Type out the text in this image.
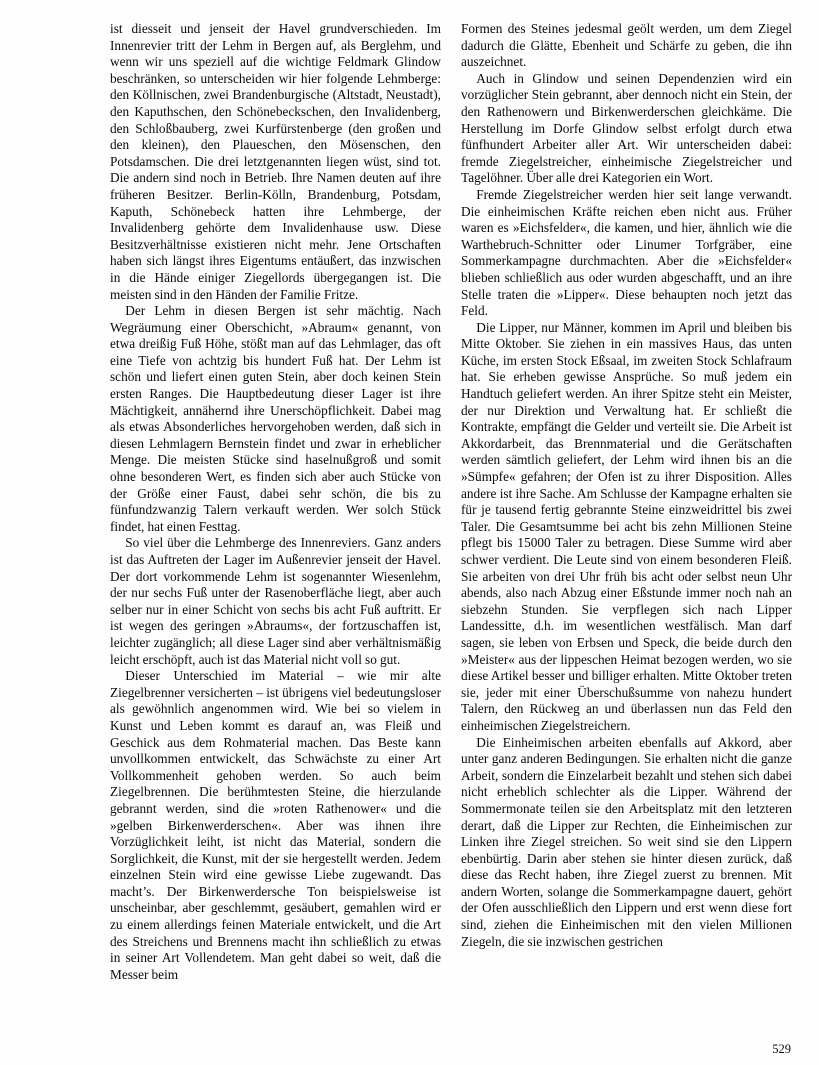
ist diesseit und jenseit der Havel grundverschieden. Im Innenrevier tritt der Lehm in Bergen auf, als Berglehm, und wenn wir uns speziell auf die wichtige Feldmark Glindow beschränken, so unterscheiden wir hier folgende Lehmberge: den Köllnischen, zwei Brandenburgische (Altstadt, Neustadt), den Kaputhschen, den Schönebeckschen, den Invalidenberg, den Schloßbauberg, zwei Kurfürstenberge (den großen und den kleinen), den Plaueschen, den Mösenschen, den Potsdamschen. Die drei letztgenannten liegen wüst, sind tot. Die andern sind noch in Betrieb. Ihre Namen deuten auf ihre früheren Besitzer. Berlin-Kölln, Brandenburg, Potsdam, Kaputh, Schönebeck hatten ihre Lehmberge, der Invalidenberg gehörte dem Invalidenhause usw. Diese Besitzverhältnisse existieren nicht mehr. Jene Ortschaften haben sich längst ihres Eigentums entäußert, das inzwischen in die Hände einiger Ziegellords übergegangen ist. Die meisten sind in den Händen der Familie Fritze.

Der Lehm in diesen Bergen ist sehr mächtig. Nach Wegräumung einer Oberschicht, »Abraum« genannt, von etwa dreißig Fuß Höhe, stößt man auf das Lehmlager, das oft eine Tiefe von achtzig bis hundert Fuß hat. Der Lehm ist schön und liefert einen guten Stein, aber doch keinen Stein ersten Ranges. Die Hauptbedeutung dieser Lager ist ihre Mächtigkeit, annähernd ihre Unerschöpflichkeit. Dabei mag als etwas Absonderliches hervorgehoben werden, daß sich in diesen Lehmlagern Bernstein findet und zwar in erheblicher Menge. Die meisten Stücke sind haselnußgroß und somit ohne besonderen Wert, es finden sich aber auch Stücke von der Größe einer Faust, dabei sehr schön, die bis zu fünfundzwanzig Talern verkauft werden. Wer solch Stück findet, hat einen Festtag.

So viel über die Lehmberge des Innenreviers. Ganz anders ist das Auftreten der Lager im Außenrevier jenseit der Havel. Der dort vorkommende Lehm ist sogenannter Wiesenlehm, der nur sechs Fuß unter der Rasenoberfläche liegt, aber auch selber nur in einer Schicht von sechs bis acht Fuß auftritt. Er ist wegen des geringen »Abraums«, der fortzuschaffen ist, leichter zugänglich; all diese Lager sind aber verhältnismäßig leicht erschöpft, auch ist das Material nicht voll so gut.

Dieser Unterschied im Material – wie mir alte Ziegelbrenner versicherten – ist übrigens viel bedeutungsloser als gewöhnlich angenommen wird. Wie bei so vielem in Kunst und Leben kommt es darauf an, was Fleiß und Geschick aus dem Rohmaterial machen. Das Beste kann unvollkommen entwickelt, das Schwächste zu einer Art Vollkommenheit gehoben werden. So auch beim Ziegelbrennen. Die berühmtesten Steine, die hierzulande gebrannt werden, sind die »roten Rathenower« und die »gelben Birkenwerderschen«. Aber was ihnen ihre Vorzüglichkeit leiht, ist nicht das Material, sondern die Sorglichkeit, die Kunst, mit der sie hergestellt werden. Jedem einzelnen Stein wird eine gewisse Liebe zugewandt. Das macht’s. Der Birkenwerdersche Ton beispielsweise ist unscheinbar, aber geschlemmt, gesäubert, gemahlen wird er zu einem allerdings feinen Materiale entwickelt, und die Art des Streichens und Brennens macht ihn schließlich zu etwas in seiner Art Vollendetem. Man geht dabei so weit, daß die Messer beim

Formen des Steines jedesmal geölt werden, um dem Ziegel dadurch die Glätte, Ebenheit und Schärfe zu geben, die ihn auszeichnet.

Auch in Glindow und seinen Dependenzien wird ein vorzüglicher Stein gebrannt, aber dennoch nicht ein Stein, der den Rathenowern und Birkenwerderschen gleichkäme. Die Herstellung im Dorfe Glindow selbst erfolgt durch etwa fünfhundert Arbeiter aller Art. Wir unterscheiden dabei: fremde Ziegelstreicher, einheimische Ziegelstreicher und Tagelöhner. Über alle drei Kategorien ein Wort.

Fremde Ziegelstreicher werden hier seit lange verwandt. Die einheimischen Kräfte reichen eben nicht aus. Früher waren es »Eichsfelder«, die kamen, und hier, ähnlich wie die Warthebruch-Schnitter oder Linumer Torfgräber, eine Sommerkampagne durchmachten. Aber die »Eichsfelder« blieben schließlich aus oder wurden abgeschafft, und an ihre Stelle traten die »Lipper«. Diese behaupten noch jetzt das Feld.

Die Lipper, nur Männer, kommen im April und bleiben bis Mitte Oktober. Sie ziehen in ein massives Haus, das unten Küche, im ersten Stock Eßsaal, im zweiten Stock Schlafraum hat. Sie erheben gewisse Ansprüche. So muß jedem ein Handtuch geliefert werden. An ihrer Spitze steht ein Meister, der nur Direktion und Verwaltung hat. Er schließt die Kontrakte, empfängt die Gelder und verteilt sie. Die Arbeit ist Akkordarbeit, das Brennmaterial und die Gerätschaften werden sämtlich geliefert, der Lehm wird ihnen bis an die »Sümpfe« gefahren; der Ofen ist zu ihrer Disposition. Alles andere ist ihre Sache. Am Schlusse der Kampagne erhalten sie für je tausend fertig gebrannte Steine einzweidrittel bis zwei Taler. Die Gesamtsumme bei acht bis zehn Millionen Steine pflegt bis 15000 Taler zu betragen. Diese Summe wird aber schwer verdient. Die Leute sind von einem besonderen Fleiß. Sie arbeiten von drei Uhr früh bis acht oder selbst neun Uhr abends, also nach Abzug einer Eßstunde immer noch nah an siebzehn Stunden. Sie verpflegen sich nach Lipper Landessitte, d.h. im wesentlichen westfälisch. Man darf sagen, sie leben von Erbsen und Speck, die beide durch den »Meister« aus der lippeschen Heimat bezogen werden, wo sie diese Artikel besser und billiger erhalten. Mitte Oktober treten sie, jeder mit einer Überschußsumme von nahezu hundert Talern, den Rückweg an und überlassen nun das Feld den einheimischen Ziegelstreichern.

Die Einheimischen arbeiten ebenfalls auf Akkord, aber unter ganz anderen Bedingungen. Sie erhalten nicht die ganze Arbeit, sondern die Einzelarbeit bezahlt und stehen sich dabei nicht erheblich schlechter als die Lipper. Während der Sommermonate teilen sie den Arbeitsplatz mit den letzteren derart, daß die Lipper zur Rechten, die Einheimischen zur Linken ihre Ziegel streichen. So weit sind sie den Lippern ebenbürtig. Darin aber stehen sie hinter diesen zurück, daß diese das Recht haben, ihre Ziegel zuerst zu brennen. Mit andern Worten, solange die Sommerkampagne dauert, gehört der Ofen ausschließlich den Lippern und erst wenn diese fort sind, ziehen die Einheimischen mit den vielen Millionen Ziegeln, die sie inzwischen gestrichen

529
